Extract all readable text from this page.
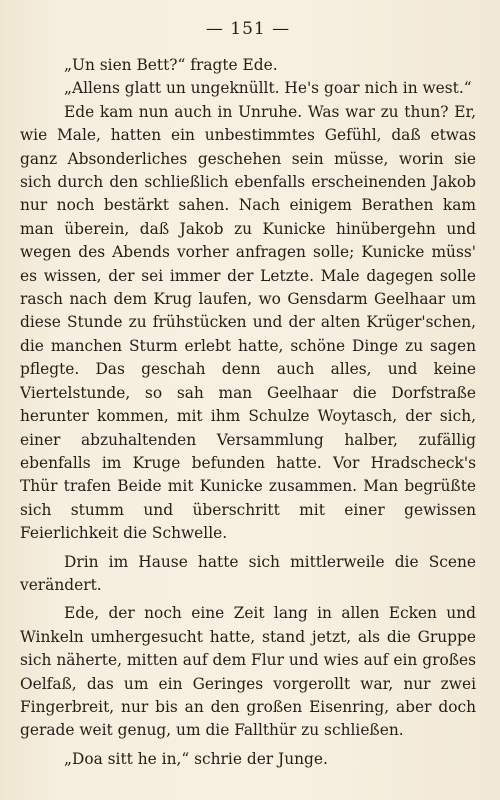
— 151 —

„Un sien Bett?“ fragte Ede.

„Allens glatt un ungeknüllt. He's goar nich in west.“

Ede kam nun auch in Unruhe. Was war zu thun? Er, wie Male, hatten ein unbestimmtes Gefühl, daß etwas ganz Absonderliches geschehen sein müsse, worin sie sich durch den schließlich ebenfalls erscheinenden Jakob nur noch bestärkt sahen. Nach einigem Berathen kam man überein, daß Jakob zu Kunicke hinübergehn und wegen des Abends vorher anfragen solle; Kunicke müss' es wissen, der sei immer der Letzte. Male dagegen solle rasch nach dem Krug laufen, wo Gensdarm Geelhaar um diese Stunde zu frühstücken und der alten Krüger'schen, die manchen Sturm erlebt hatte, schöne Dinge zu sagen pflegte. Das geschah denn auch alles, und keine Viertelstunde, so sah man Geelhaar die Dorfstraße herunter kommen, mit ihm Schulze Woytasch, der sich, einer abzuhaltenden Versammlung halber, zufällig ebenfalls im Kruge befunden hatte. Vor Hradscheck's Thür trafen Beide mit Kunicke zusammen. Man begrüßte sich stumm und überschritt mit einer gewissen Feierlichkeit die Schwelle.

Drin im Hause hatte sich mittlerweile die Scene verändert.

Ede, der noch eine Zeit lang in allen Ecken und Winkeln umhergesucht hatte, stand jetzt, als die Gruppe sich näherte, mitten auf dem Flur und wies auf ein großes Oelfaß, das um ein Geringes vorgerollt war, nur zwei Fingerbreit, nur bis an den großen Eisenring, aber doch gerade weit genug, um die Fallthür zu schließen.

„Doa sitt he in,“ schrie der Junge.
